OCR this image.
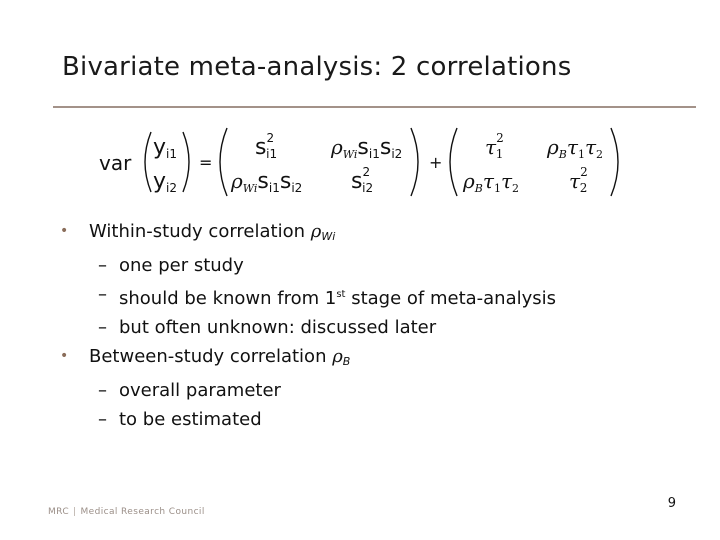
Bivariate meta-analysis: 2 correlations
var
yi1
yi2
=
$s^2$ i1	$\rho_{Wi}s_{i1}s_{i2}$
$\rho_{Wi}s_{i1}s_{i2}$ $s^2$ i2
+
$\tau^2$ 1 $\rho_B\tau_1\tau_2$
$\rho_B\tau_1\tau_2$ $\tau^2$ 2
• Within-study correlation $\rho_{Wi}$
– one per study
– should be known from 1st stage of meta-analysis
– but often unknown: discussed later
• Between-study correlation $\rho_B$
– overall parameter
– to be estimated
MRC | Medical Research Council
9
